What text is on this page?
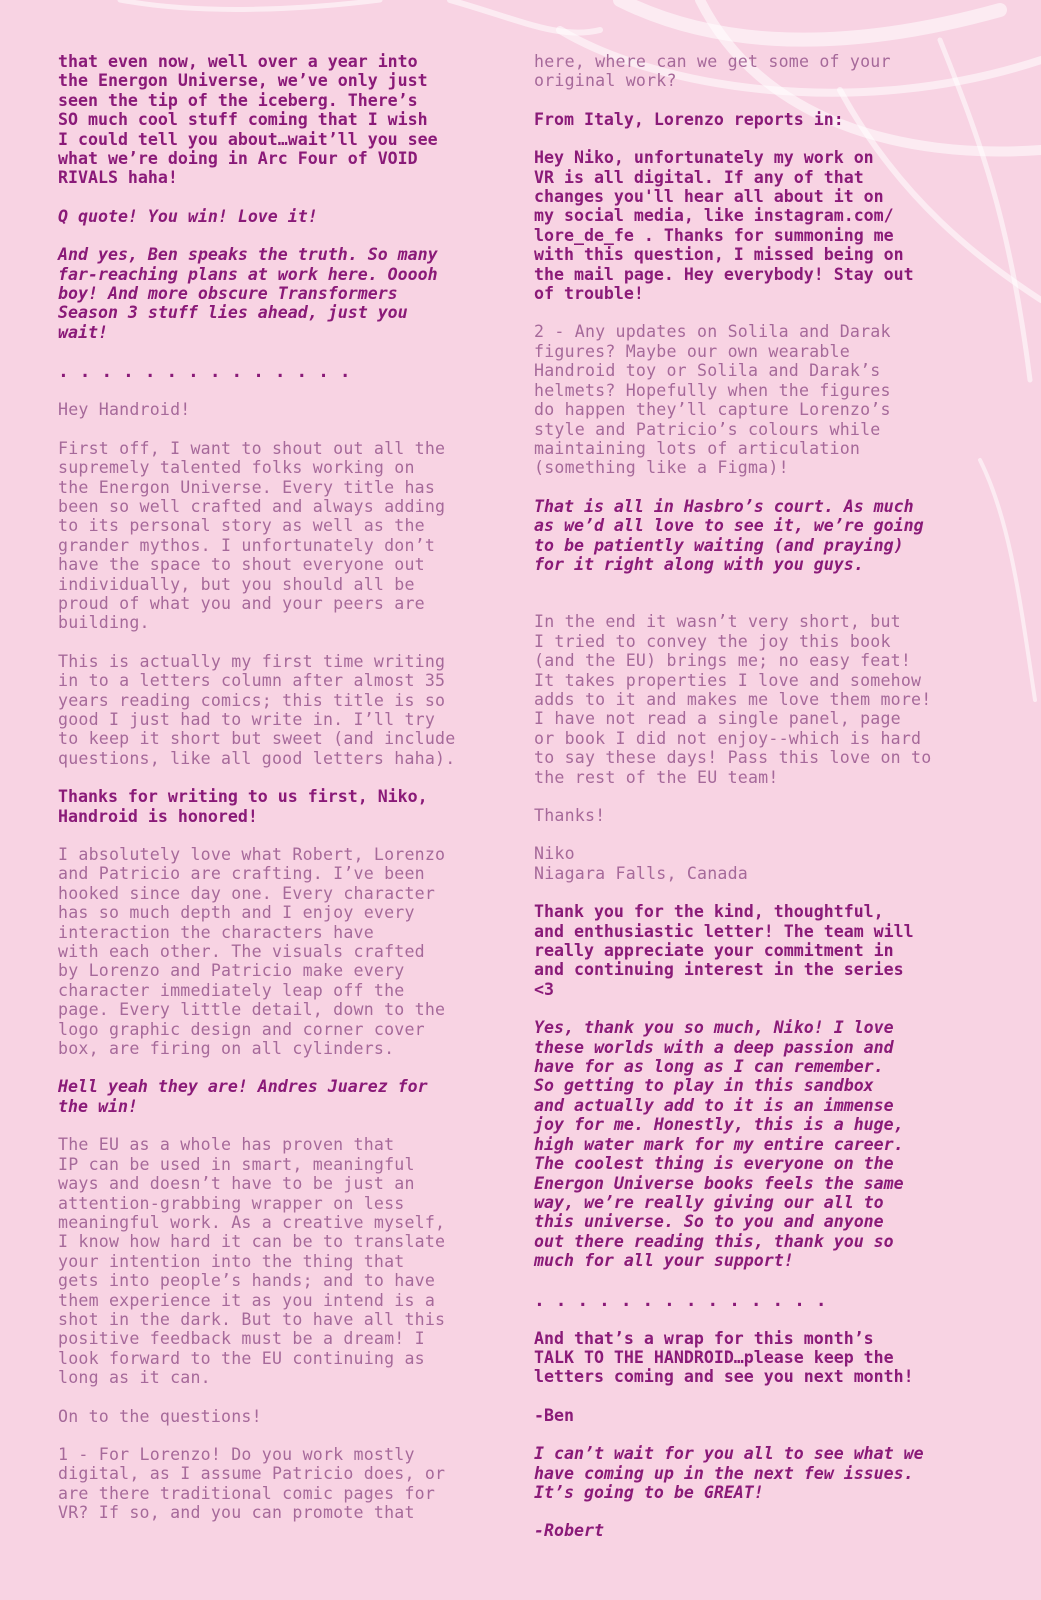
that even now, well over a year into
the Energon Universe, we’ve only just
seen the tip of the iceberg. There’s
SO much cool stuff coming that I wish
I could tell you about…wait’ll you see
what we’re doing in Arc Four of VOID
RIVALS haha!

Q quote! You win! Love it!

And yes, Ben speaks the truth. So many
far-reaching plans at work here. Ooooh
boy! And more obscure Transformers
Season 3 stuff lies ahead, just you
wait!

. . . . . . . . . . . . . .

Hey Handroid!

First off, I want to shout out all the
supremely talented folks working on
the Energon Universe. Every title has
been so well crafted and always adding
to its personal story as well as the
grander mythos. I unfortunately don’t
have the space to shout everyone out
individually, but you should all be
proud of what you and your peers are
building.

This is actually my first time writing
in to a letters column after almost 35
years reading comics; this title is so
good I just had to write in. I’ll try
to keep it short but sweet (and include
questions, like all good letters haha).

Thanks for writing to us first, Niko,
Handroid is honored!

I absolutely love what Robert, Lorenzo
and Patricio are crafting. I’ve been
hooked since day one. Every character
has so much depth and I enjoy every
interaction the characters have
with each other. The visuals crafted
by Lorenzo and Patricio make every
character immediately leap off the
page. Every little detail, down to the
logo graphic design and corner cover
box, are firing on all cylinders.

Hell yeah they are! Andres Juarez for
the win!

The EU as a whole has proven that
IP can be used in smart, meaningful
ways and doesn’t have to be just an
attention-grabbing wrapper on less
meaningful work. As a creative myself,
I know how hard it can be to translate
your intention into the thing that
gets into people’s hands; and to have
them experience it as you intend is a
shot in the dark. But to have all this
positive feedback must be a dream! I
look forward to the EU continuing as
long as it can.

On to the questions!

1 - For Lorenzo! Do you work mostly
digital, as I assume Patricio does, or
are there traditional comic pages for
VR? If so, and you can promote that

here, where can we get some of your
original work?

From Italy, Lorenzo reports in:

Hey Niko, unfortunately my work on
VR is all digital. If any of that
changes you'll hear all about it on
my social media, like instagram.com/
lore_de_fe . Thanks for summoning me
with this question, I missed being on
the mail page. Hey everybody! Stay out
of trouble!

2 - Any updates on Solila and Darak
figures? Maybe our own wearable
Handroid toy or Solila and Darak’s
helmets? Hopefully when the figures
do happen they’ll capture Lorenzo’s
style and Patricio’s colours while
maintaining lots of articulation
(something like a Figma)!

That is all in Hasbro’s court. As much
as we’d all love to see it, we’re going
to be patiently waiting (and praying)
for it right along with you guys.

In the end it wasn’t very short, but
I tried to convey the joy this book
(and the EU) brings me; no easy feat!
It takes properties I love and somehow
adds to it and makes me love them more!
I have not read a single panel, page
or book I did not enjoy--which is hard
to say these days! Pass this love on to
the rest of the EU team!

Thanks!

Niko
Niagara Falls, Canada

Thank you for the kind, thoughtful,
and enthusiastic letter! The team will
really appreciate your commitment in
and continuing interest in the series
<3

Yes, thank you so much, Niko! I love
these worlds with a deep passion and
have for as long as I can remember.
So getting to play in this sandbox
and actually add to it is an immense
joy for me. Honestly, this is a huge,
high water mark for my entire career.
The coolest thing is everyone on the
Energon Universe books feels the same
way, we’re really giving our all to
this universe. So to you and anyone
out there reading this, thank you so
much for all your support!

. . . . . . . . . . . . . .

And that’s a wrap for this month’s
TALK TO THE HANDROID…please keep the
letters coming and see you next month!

-Ben

I can’t wait for you all to see what we
have coming up in the next few issues.
It’s going to be GREAT!

-Robert
